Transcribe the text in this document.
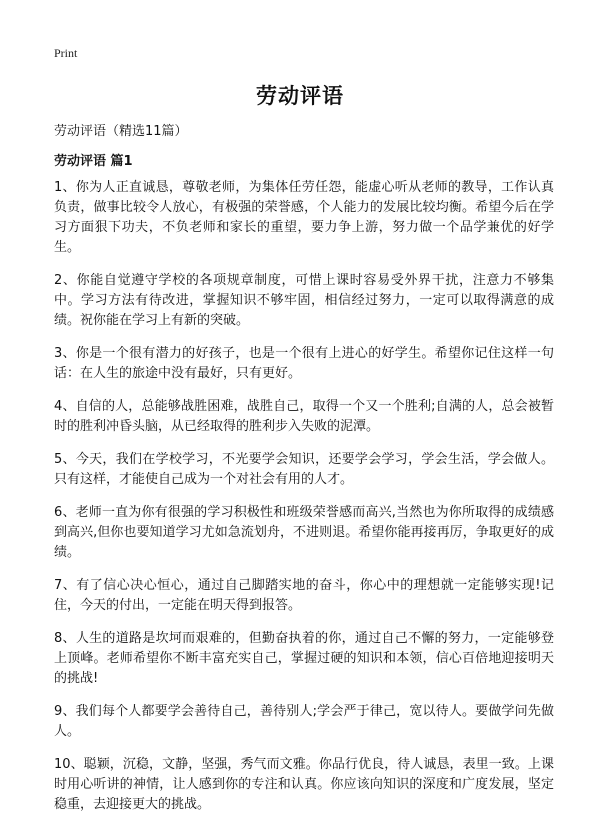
Print
劳动评语
劳动评语（精选11篇）
劳动评语 篇1

1、你为人正直诚恳，尊敬老师，为集体任劳任怨，能虚心听从老师的教导，工作认真负责，做事比较令人放心，有极强的荣誉感，个人能力的发展比较均衡。希望今后在学习方面狠下功夫，不负老师和家长的重望，要力争上游，努力做一个品学兼优的好学生。

2、你能自觉遵守学校的各项规章制度，可惜上课时容易受外界干扰，注意力不够集中。学习方法有待改进，掌握知识不够牢固，相信经过努力，一定可以取得满意的成绩。祝你能在学习上有新的突破。

3、你是一个很有潜力的好孩子，也是一个很有上进心的好学生。希望你记住这样一句话：在人生的旅途中没有最好，只有更好。

4、自信的人，总能够战胜困难，战胜自己，取得一个又一个胜利;自满的人，总会被暂时的胜利冲昏头脑，从已经取得的胜利步入失败的泥潭。

5、今天，我们在学校学习，不光要学会知识，还要学会学习，学会生活，学会做人。只有这样，才能使自己成为一个对社会有用的人才。

6、老师一直为你有很强的学习积极性和班级荣誉感而高兴,当然也为你所取得的成绩感到高兴,但你也要知道学习尤如急流划舟，不进则退。希望你能再接再厉，争取更好的成绩。

7、有了信心决心恒心，通过自己脚踏实地的奋斗，你心中的理想就一定能够实现!记住，今天的付出，一定能在明天得到报答。

8、人生的道路是坎坷而艰难的，但勤奋执着的你，通过自己不懈的努力，一定能够登上顶峰。老师希望你不断丰富充实自己，掌握过硬的知识和本领，信心百倍地迎接明天的挑战!

9、我们每个人都要学会善待自己，善待别人;学会严于律己，宽以待人。要做学问先做人。

10、聪颖，沉稳，文静，坚强，秀气而文雅。你品行优良，待人诚恳，表里一致。上课时用心听讲的神情，让人感到你的专注和认真。你应该向知识的深度和广度发展，坚定稳重，去迎接更大的挑战。
